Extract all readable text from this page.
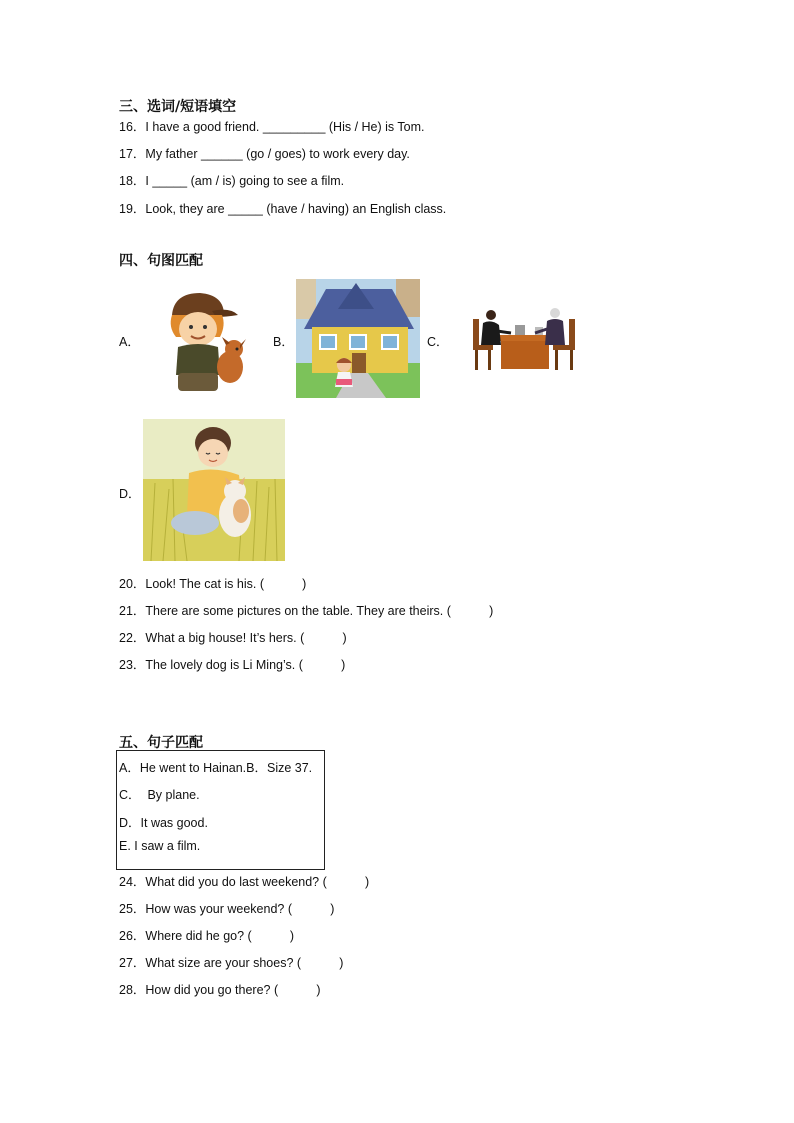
三、选词/短语填空
16．I have a good friend. _________ (His / He) is Tom.
17．My father ______ (go / goes) to work every day.
18．I _____ (am / is) going to see a film.
19．Look, they are _____ (have / having) an English class.
四、句图匹配
A．	B．	C．
D．
20．Look! The cat is his. (           )
21．There are some pictures on the table. They are theirs. (           )
22．What a big house! It’s hers. (           )
23．The lovely dog is Li Ming’s. (           )
五、句子匹配
A．He went to Hainan.B．Size 37.
C．  By plane.
D．It was good.
E. I saw a film.
24．What did you do last weekend? (           )
25．How was your weekend? (           )
26．Where did he go? (           )
27．What size are your shoes? (           )
28．How did you go there? (           )
